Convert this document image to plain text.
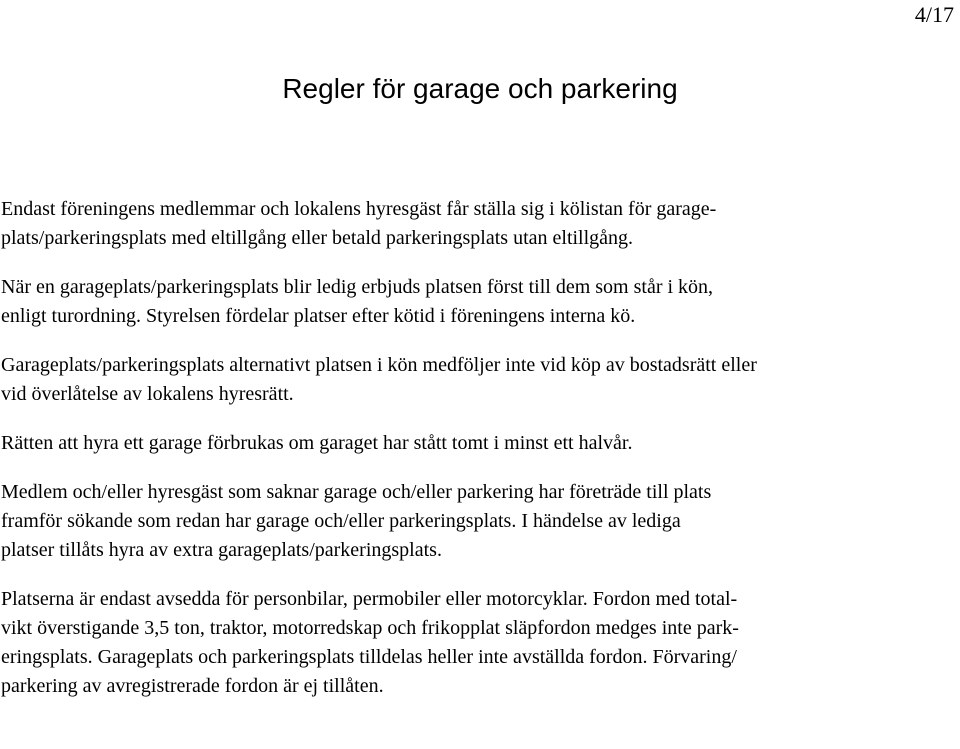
4/17
Regler för garage och parkering

Endast föreningens medlemmar och lokalens hyresgäst får ställa sig i kölistan för garage-
plats/parkeringsplats med eltillgång eller betald parkeringsplats utan eltillgång.

När en garageplats/parkeringsplats blir ledig erbjuds platsen först till dem som står i kön,
enligt turordning. Styrelsen fördelar platser efter kötid i föreningens interna kö.

Garageplats/parkeringsplats alternativt platsen i kön medföljer inte vid köp av bostadsrätt eller
vid överlåtelse av lokalens hyresrätt.

Rätten att hyra ett garage förbrukas om garaget har stått tomt i minst ett halvår.

Medlem och/eller hyresgäst som saknar garage och/eller parkering har företräde till plats
framför sökande som redan har garage och/eller parkeringsplats. I händelse av lediga
platser tillåts hyra av extra garageplats/parkeringsplats.

Platserna är endast avsedda för personbilar, permobiler eller motorcyklar. Fordon med total-
vikt överstigande 3,5 ton, traktor, motorredskap och frikopplat släpfordon medges inte park-
eringsplats. Garageplats och parkeringsplats tilldelas heller inte avställda fordon. Förvaring/
parkering av avregistrerade fordon är ej tillåten.
